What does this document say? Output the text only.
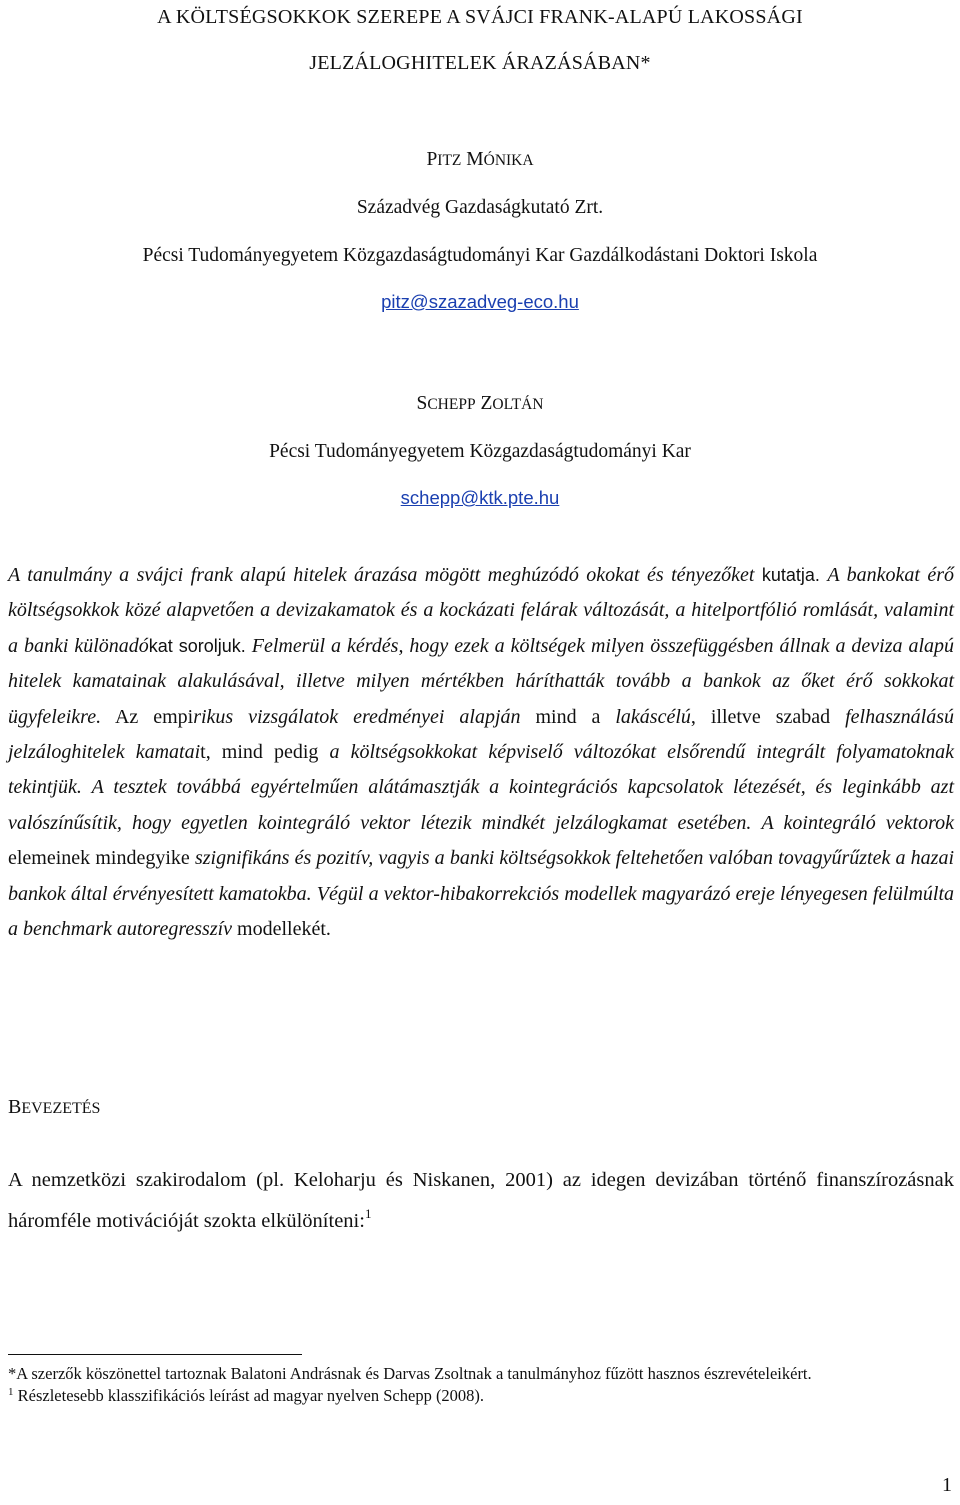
A KÖLTSÉGSOKKOK SZEREPE A SVÁJCI FRANK-ALAPÚ LAKOSSÁGI
JELZÁLOGHITELEK ÁRAZÁSÁBAN*
PITZ MÓNIKA
Századvég Gazdaságkutató Zrt.
Pécsi Tudományegyetem Közgazdaságtudományi Kar Gazdálkodástani Doktori Iskola
pitz@szazadveg-eco.hu
SCHEPP ZOLTÁN
Pécsi Tudományegyetem Közgazdaságtudományi Kar
schepp@ktk.pte.hu
A tanulmány a svájci frank alapú hitelek árazása mögött meghúzódó okokat és tényezőket kutatja. A bankokat érő költségsokkok közé alapvetően a devizakamatok és a kockázati felárak változását, a hitelportfólió romlását, valamint a banki különadókat soroljuk. Felmerül a kérdés, hogy ezek a költségek milyen összefüggésben állnak a deviza alapú hitelek kamatainak alakulásával, illetve milyen mértékben háríthatták tovább a bankok az őket érő sokkokat ügyfeleikre. Az empirikus vizsgálatok eredményei alapján mind a lakáscélú, illetve szabad felhasználású jelzáloghitelek kamatait, mind pedig a költségsokkokat képviselő változókat elsőrendű integrált folyamatoknak tekintjük. A tesztek továbbá egyértelműen alátámasztják a kointegrációs kapcsolatok létezését, és leginkább azt valószínűsítik, hogy egyetlen kointegráló vektor létezik mindkét jelzálogkamat esetében. A kointegráló vektorok elemeinek mindegyike szignifikáns és pozitív, vagyis a banki költségsokkok feltehetően valóban tovagyűrűztek a hazai bankok által érvényesített kamatokba. Végül a vektor-hibakorrekciós modellek magyarázó ereje lényegesen felülmúlta a benchmark autoregresszív modellekét.
BEVEZETÉS
A nemzetközi szakirodalom (pl. Keloharju és Niskanen, 2001) az idegen devizában történő finanszírozásnak háromféle motivációját szokta elkülöníteni:$^1$

*A szerzők köszönettel tartoznak Balatoni Andrásnak és Darvas Zsoltnak a tanulmányhoz fűzött hasznos észrevételeikért.

$^1$ Részletesebb klasszifikációs leírást ad magyar nyelven Schepp (2008).

1
